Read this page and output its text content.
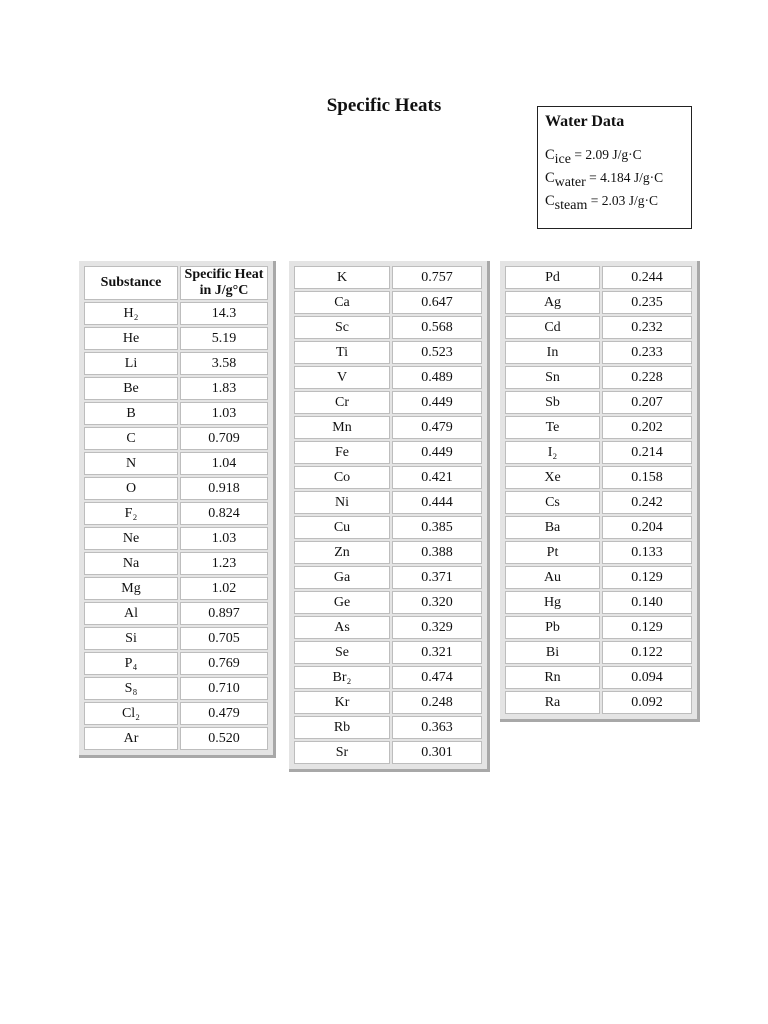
Specific Heats
Water Data
Cice = 2.09 J/g·C
Cwater = 4.184 J/g·C
Csteam = 2.03 J/g·C
Substance	Specific Heat in J/g°C
H₂	14.3
He	5.19
Li	3.58
Be	1.83
B	1.03
C	0.709
N	1.04
O	0.918
F₂	0.824
Ne	1.03
Na	1.23
Mg	1.02
Al	0.897
Si	0.705
P₄	0.769
S₈	0.710
Cl₂	0.479
Ar	0.520
K	0.757
Ca	0.647
Sc	0.568
Ti	0.523
V	0.489
Cr	0.449
Mn	0.479
Fe	0.449
Co	0.421
Ni	0.444
Cu	0.385
Zn	0.388
Ga	0.371
Ge	0.320
As	0.329
Se	0.321
Br₂	0.474
Kr	0.248
Rb	0.363
Sr	0.301
Pd	0.244
Ag	0.235
Cd	0.232
In	0.233
Sn	0.228
Sb	0.207
Te	0.202
I₂	0.214
Xe	0.158
Cs	0.242
Ba	0.204
Pt	0.133
Au	0.129
Hg	0.140
Pb	0.129
Bi	0.122
Rn	0.094
Ra	0.092
